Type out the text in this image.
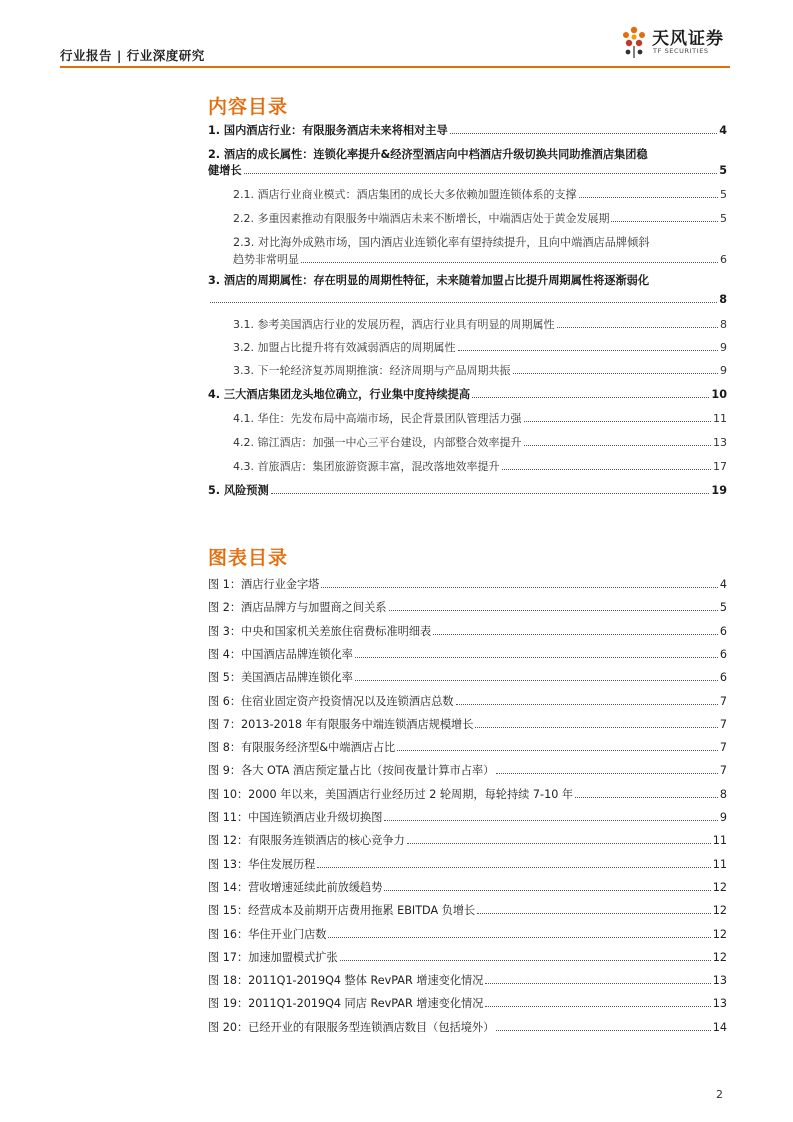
行业报告 | 行业深度研究
天风证券
TF SECURITIES
内容目录
1. 国内酒店行业：有限服务酒店未来将相对主导	4
2. 酒店的成长属性：连锁化率提升&经济型酒店向中档酒店升级切换共同助推酒店集团稳
健增长	5
2.1. 酒店行业商业模式：酒店集团的成长大多依赖加盟连锁体系的支撑	5
2.2. 多重因素推动有限服务中端酒店未来不断增长，中端酒店处于黄金发展期	5
2.3. 对比海外成熟市场，国内酒店业连锁化率有望持续提升，且向中端酒店品牌倾斜
趋势非常明显	6
3. 酒店的周期属性：存在明显的周期性特征，未来随着加盟占比提升周期属性将逐渐弱化
8
3.1. 参考美国酒店行业的发展历程，酒店行业具有明显的周期属性	8
3.2. 加盟占比提升将有效减弱酒店的周期属性	9
3.3. 下一轮经济复苏周期推演：经济周期与产品周期共振	9
4. 三大酒店集团龙头地位确立，行业集中度持续提高	10
4.1. 华住：先发布局中高端市场，民企背景团队管理活力强	11
4.2. 锦江酒店：加强一中心三平台建设，内部整合效率提升	13
4.3. 首旅酒店：集团旅游资源丰富，混改落地效率提升	17
5. 风险预测	19
图表目录
图 1：酒店行业金字塔	4
图 2：酒店品牌方与加盟商之间关系	5
图 3：中央和国家机关差旅住宿费标准明细表	6
图 4：中国酒店品牌连锁化率	6
图 5：美国酒店品牌连锁化率	6
图 6：住宿业固定资产投资情况以及连锁酒店总数	7
图 7：2013-2018 年有限服务中端连锁酒店规模增长	7
图 8：有限服务经济型&中端酒店占比	7
图 9：各大 OTA 酒店预定量占比（按间夜量计算市占率）	7
图 10：2000 年以来，美国酒店行业经历过 2 轮周期，每轮持续 7-10 年	8
图 11：中国连锁酒店业升级切换图	9
图 12：有限服务连锁酒店的核心竞争力	11
图 13：华住发展历程	11
图 14：营收增速延续此前放缓趋势	12
图 15：经营成本及前期开店费用拖累 EBITDA 负增长	12
图 16：华住开业门店数	12
图 17：加速加盟模式扩张	12
图 18：2011Q1-2019Q4 整体 RevPAR 增速变化情况	13
图 19：2011Q1-2019Q4 同店 RevPAR 增速变化情况	13
图 20：已经开业的有限服务型连锁酒店数目（包括境外）	14
2
